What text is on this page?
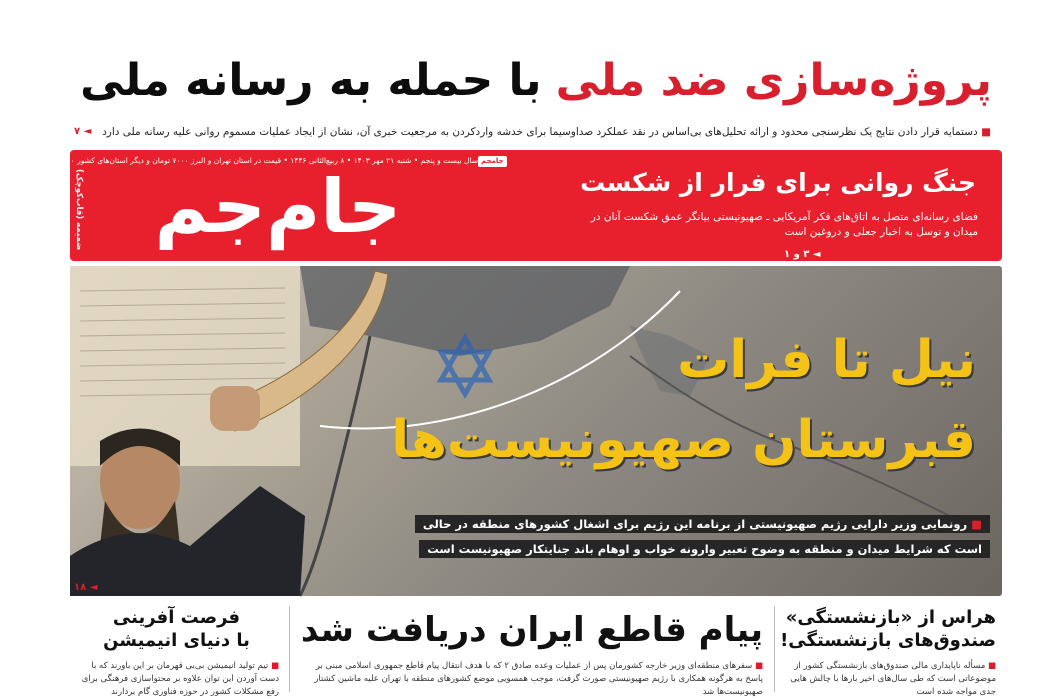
پروژه‌سازی ضد ملی
با حمله به رسانه ملی
■ دستمایه قرار دادن نتایج یک نظرسنجی محدود و ارائه تحلیل‌های بی‌اساس در نقد عملکرد صداوسیما برای خدشه واردکردن به مرجعیت خبری آن، نشان از ایجاد عملیات مسموم روانی علیه رسانه ملی دارد
◄ ۷
ضمیمه (قاب‌کوچک) جام‌جم
سال بیست و پنجم • شنبه ۲۱ مهر ۱۴۰۳ • ۸ ربیع‌الثانی ۱۴۴۶ • قیمت در استان تهران و البرز ۷۰۰۰ تومان و دیگر استان‌های کشور ۵۰۰۰ تومان • ۲۰ صفحه جامجم
جنگ روانی برای فرار از شکست
فضای رسانه‌ای متصل به اتاق‌های فکر آمریکایی ـ صهیونیستی بیانگر عمق شکست آنان در میدان و توسل به اخبار جعلی و دروغین است
◄ ۳ و ۱
نیل تا فرات
قبرستان صهیونیست‌ها
■ رونمایی وزیر دارایی رژیم صهیونیستی از برنامه این رژیم برای اشغال کشورهای منطقه در حالی
است که شرایط میدان و منطقه به وضوح تعبیر وارونه خواب و اوهام باند جنایتکار صهیونیست است
◄ ۱۸
هراس از «بازنشستگی»
صندوق‌های بازنشستگی!
■ مسأله ناپایداری مالی صندوق‌های بازنشستگی کشور از موضوعاتی است که طی سال‌های اخیر بارها با چالش هایی جدی مواجه شده است
پیام قاطع ایران دریافت شد
■ سفرهای منطقه‌ای وزیر خارجه کشورمان پس از عملیات وعده صادق ۲ که با هدف انتقال پیام قاطع جمهوری اسلامی مبنی بر پاسخ به هرگونه همکاری با رژیم صهیونیستی صورت گرفت، موجب همسویی موضع کشورهای منطقه با تهران علیه ماشین کشتار صهیونیست‌ها شد
فرصت آفرینی
با دنیای انیمیشن
■ تیم تولید انیمیشن بی‌بی قهرمان بر این باورند که با دست آوردن این توان علاوه بر محتواسازی فرهنگی برای رفع مشکلات کشور در حوزه فناوری گام بردارند
